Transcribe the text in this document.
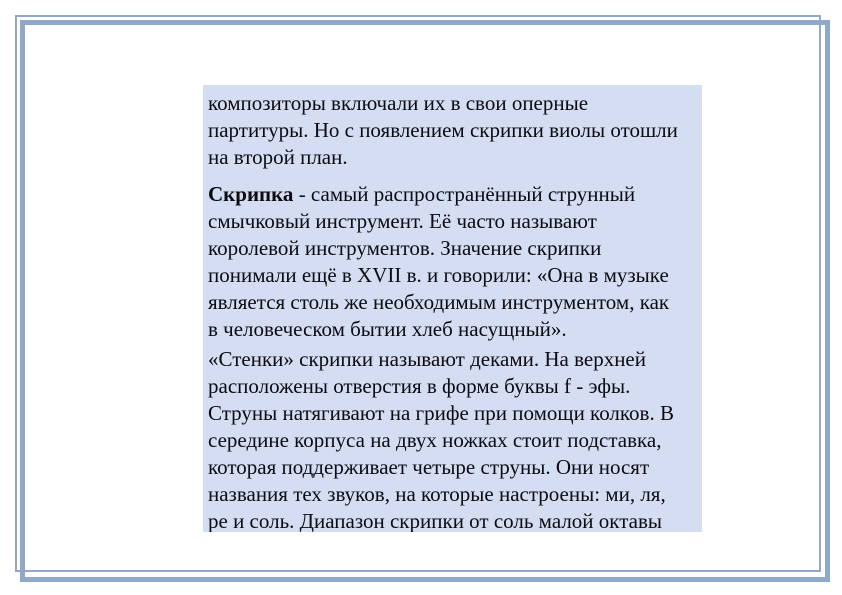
композиторы включали их в свои оперные
партитуры. Но с появлением скрипки виолы отошли
на второй план.
Скрипка - самый распространённый струнный
смычковый инструмент. Её часто называют
королевой инструментов. Значение скрипки
понимали ещё в XVII в. и говорили: «Она в музыке
является столь же необходимым инструментом, как
в человеческом бытии хлеб насущный».
«Стенки» скрипки называют деками. На верхней
расположены отверстия в форме буквы f - эфы.
Струны натягивают на грифе при помощи колков. В
середине корпуса на двух ножках стоит подставка,
которая поддерживает четыре струны. Они носят
названия тех звуков, на которые настроены: ми, ля,
ре и соль. Диапазон скрипки от соль малой октавы
